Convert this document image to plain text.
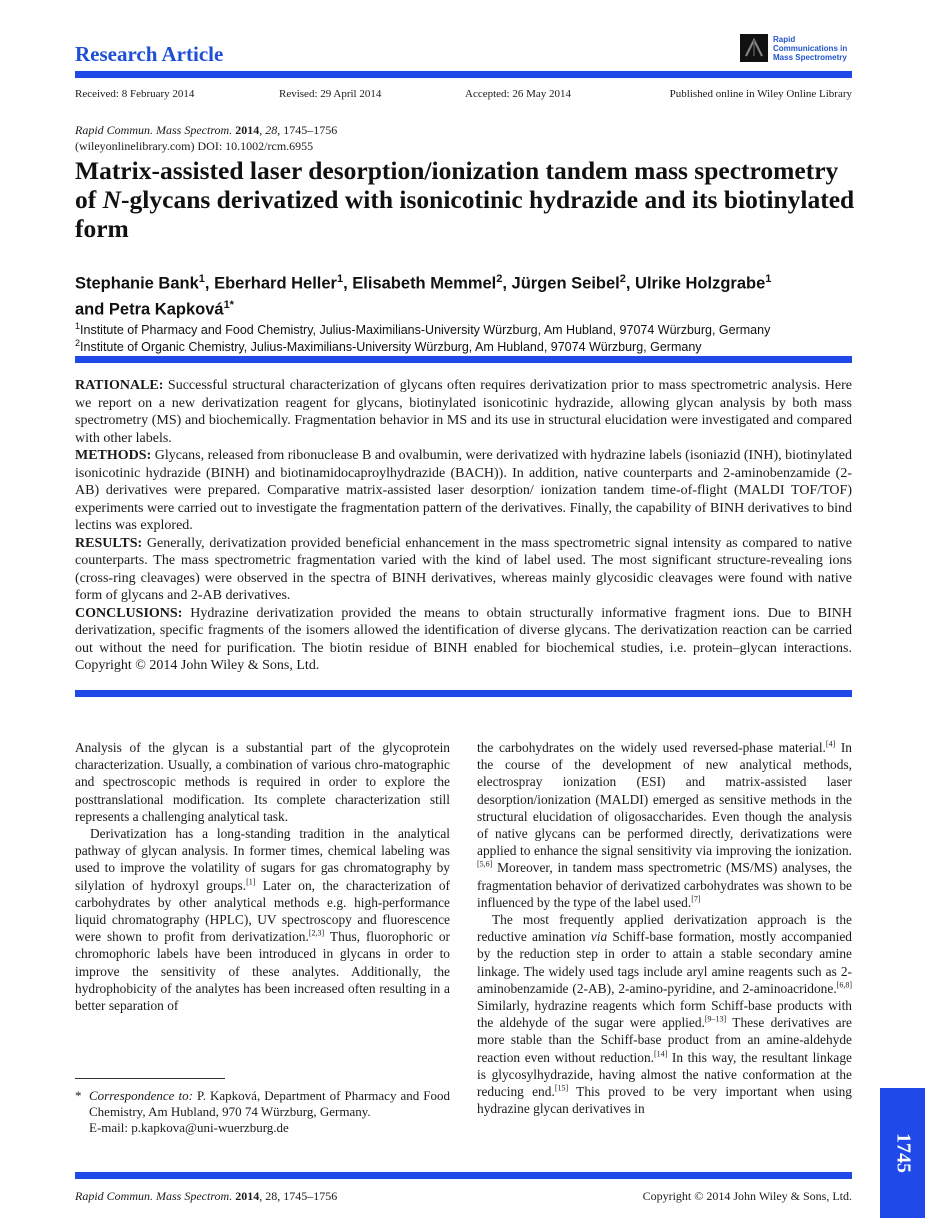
Research Article
Rapid
Communications in
Mass Spectrometry
Received: 8 February 2014	Revised: 29 April 2014	Accepted: 26 May 2014	Published online in Wiley Online Library
Rapid Commun. Mass Spectrom. 2014, 28, 1745–1756
(wileyonlinelibrary.com) DOI: 10.1002/rcm.6955
Matrix-assisted laser desorption/ionization tandem mass spectrometry of N-glycans derivatized with isonicotinic hydrazide and its biotinylated form
Stephanie Bank$^1$, Eberhard Heller$^1$, Elisabeth Memmel$^2$, Jürgen Seibel$^2$, Ulrike Holzgrabe$^1$
and Petra Kapková$^{1*}$
$^1$Institute of Pharmacy and Food Chemistry, Julius-Maximilians-University Würzburg, Am Hubland, 97074 Würzburg, Germany
$^2$Institute of Organic Chemistry, Julius-Maximilians-University Würzburg, Am Hubland, 97074 Würzburg, Germany

RATIONALE: Successful structural characterization of glycans often requires derivatization prior to mass spectrometric analysis. Here we report on a new derivatization reagent for glycans, biotinylated isonicotinic hydrazide, allowing glycan analysis by both mass spectrometry (MS) and biochemically. Fragmentation behavior in MS and its use in structural elucidation were investigated and compared with other labels.

METHODS: Glycans, released from ribonuclease B and ovalbumin, were derivatized with hydrazine labels (isoniazid (INH), biotinylated isonicotinic hydrazide (BINH) and biotinamidocaproylhydrazide (BACH)). In addition, native counterparts and 2-aminobenzamide (2-AB) derivatives were prepared. Comparative matrix-assisted laser desorption/ ionization tandem time-of-flight (MALDI TOF/TOF) experiments were carried out to investigate the fragmentation pattern of the derivatives. Finally, the capability of BINH derivatives to bind lectins was explored.

RESULTS: Generally, derivatization provided beneficial enhancement in the mass spectrometric signal intensity as compared to native counterparts. The mass spectrometric fragmentation varied with the kind of label used. The most significant structure-revealing ions (cross-ring cleavages) were observed in the spectra of BINH derivatives, whereas mainly glycosidic cleavages were found with native form of glycans and 2-AB derivatives.

CONCLUSIONS: Hydrazine derivatization provided the means to obtain structurally informative fragment ions. Due to BINH derivatization, specific fragments of the isomers allowed the identification of diverse glycans. The derivatization reaction can be carried out without the need for purification. The biotin residue of BINH enabled for biochemical studies, i.e. protein–glycan interactions. Copyright © 2014 John Wiley & Sons, Ltd.

Analysis of the glycan is a substantial part of the glycoprotein characterization. Usually, a combination of various chro-matographic and spectroscopic methods is required in order to explore the posttranslational modification. Its complete characterization still represents a challenging analytical task.

Derivatization has a long-standing tradition in the analytical pathway of glycan analysis. In former times, chemical labeling was used to improve the volatility of sugars for gas chromatography by silylation of hydroxyl groups.[1] Later on, the characterization of carbohydrates by other analytical methods e.g. high-performance liquid chromatography (HPLC), UV spectroscopy and fluorescence were shown to profit from derivatization.[2,3] Thus, fluorophoric or chromophoric labels have been introduced in glycans in order to improve the sensitivity of these analytes. Additionally, the hydrophobicity of the analytes has been increased often resulting in a better separation of

the carbohydrates on the widely used reversed-phase material.[4] In the course of the development of new analytical methods, electrospray ionization (ESI) and matrix-assisted laser desorption/ionization (MALDI) emerged as sensitive methods in the structural elucidation of oligosaccharides. Even though the analysis of native glycans can be performed directly, derivatizations were applied to enhance the signal sensitivity via improving the ionization.[5,6] Moreover, in tandem mass spectrometric (MS/MS) analyses, the fragmentation behavior of derivatized carbohydrates was shown to be influenced by the type of the label used.[7]

The most frequently applied derivatization approach is the reductive amination via Schiff-base formation, mostly accompanied by the reduction step in order to attain a stable secondary amine linkage. The widely used tags include aryl amine reagents such as 2-aminobenzamide (2-AB), 2-amino-pyridine, and 2-aminoacridone.[6,8] Similarly, hydrazine reagents which form Schiff-base products with the aldehyde of the sugar were applied.[9–13] These derivatives are more stable than the Schiff-base product from an amine-aldehyde reaction even without reduction.[14] In this way, the resultant linkage is glycosylhydrazide, having almost the native conformation at the reducing end.[15] This proved to be very important when using hydrazine glycan derivatives in

* Correspondence to: P. Kapková, Department of Pharmacy and Food Chemistry, Am Hubland, 970 74 Würzburg, Germany.
E-mail: p.kapkova@uni-wuerzburg.de
1745
Rapid Commun. Mass Spectrom. 2014, 28, 1745–1756	Copyright © 2014 John Wiley & Sons, Ltd.
